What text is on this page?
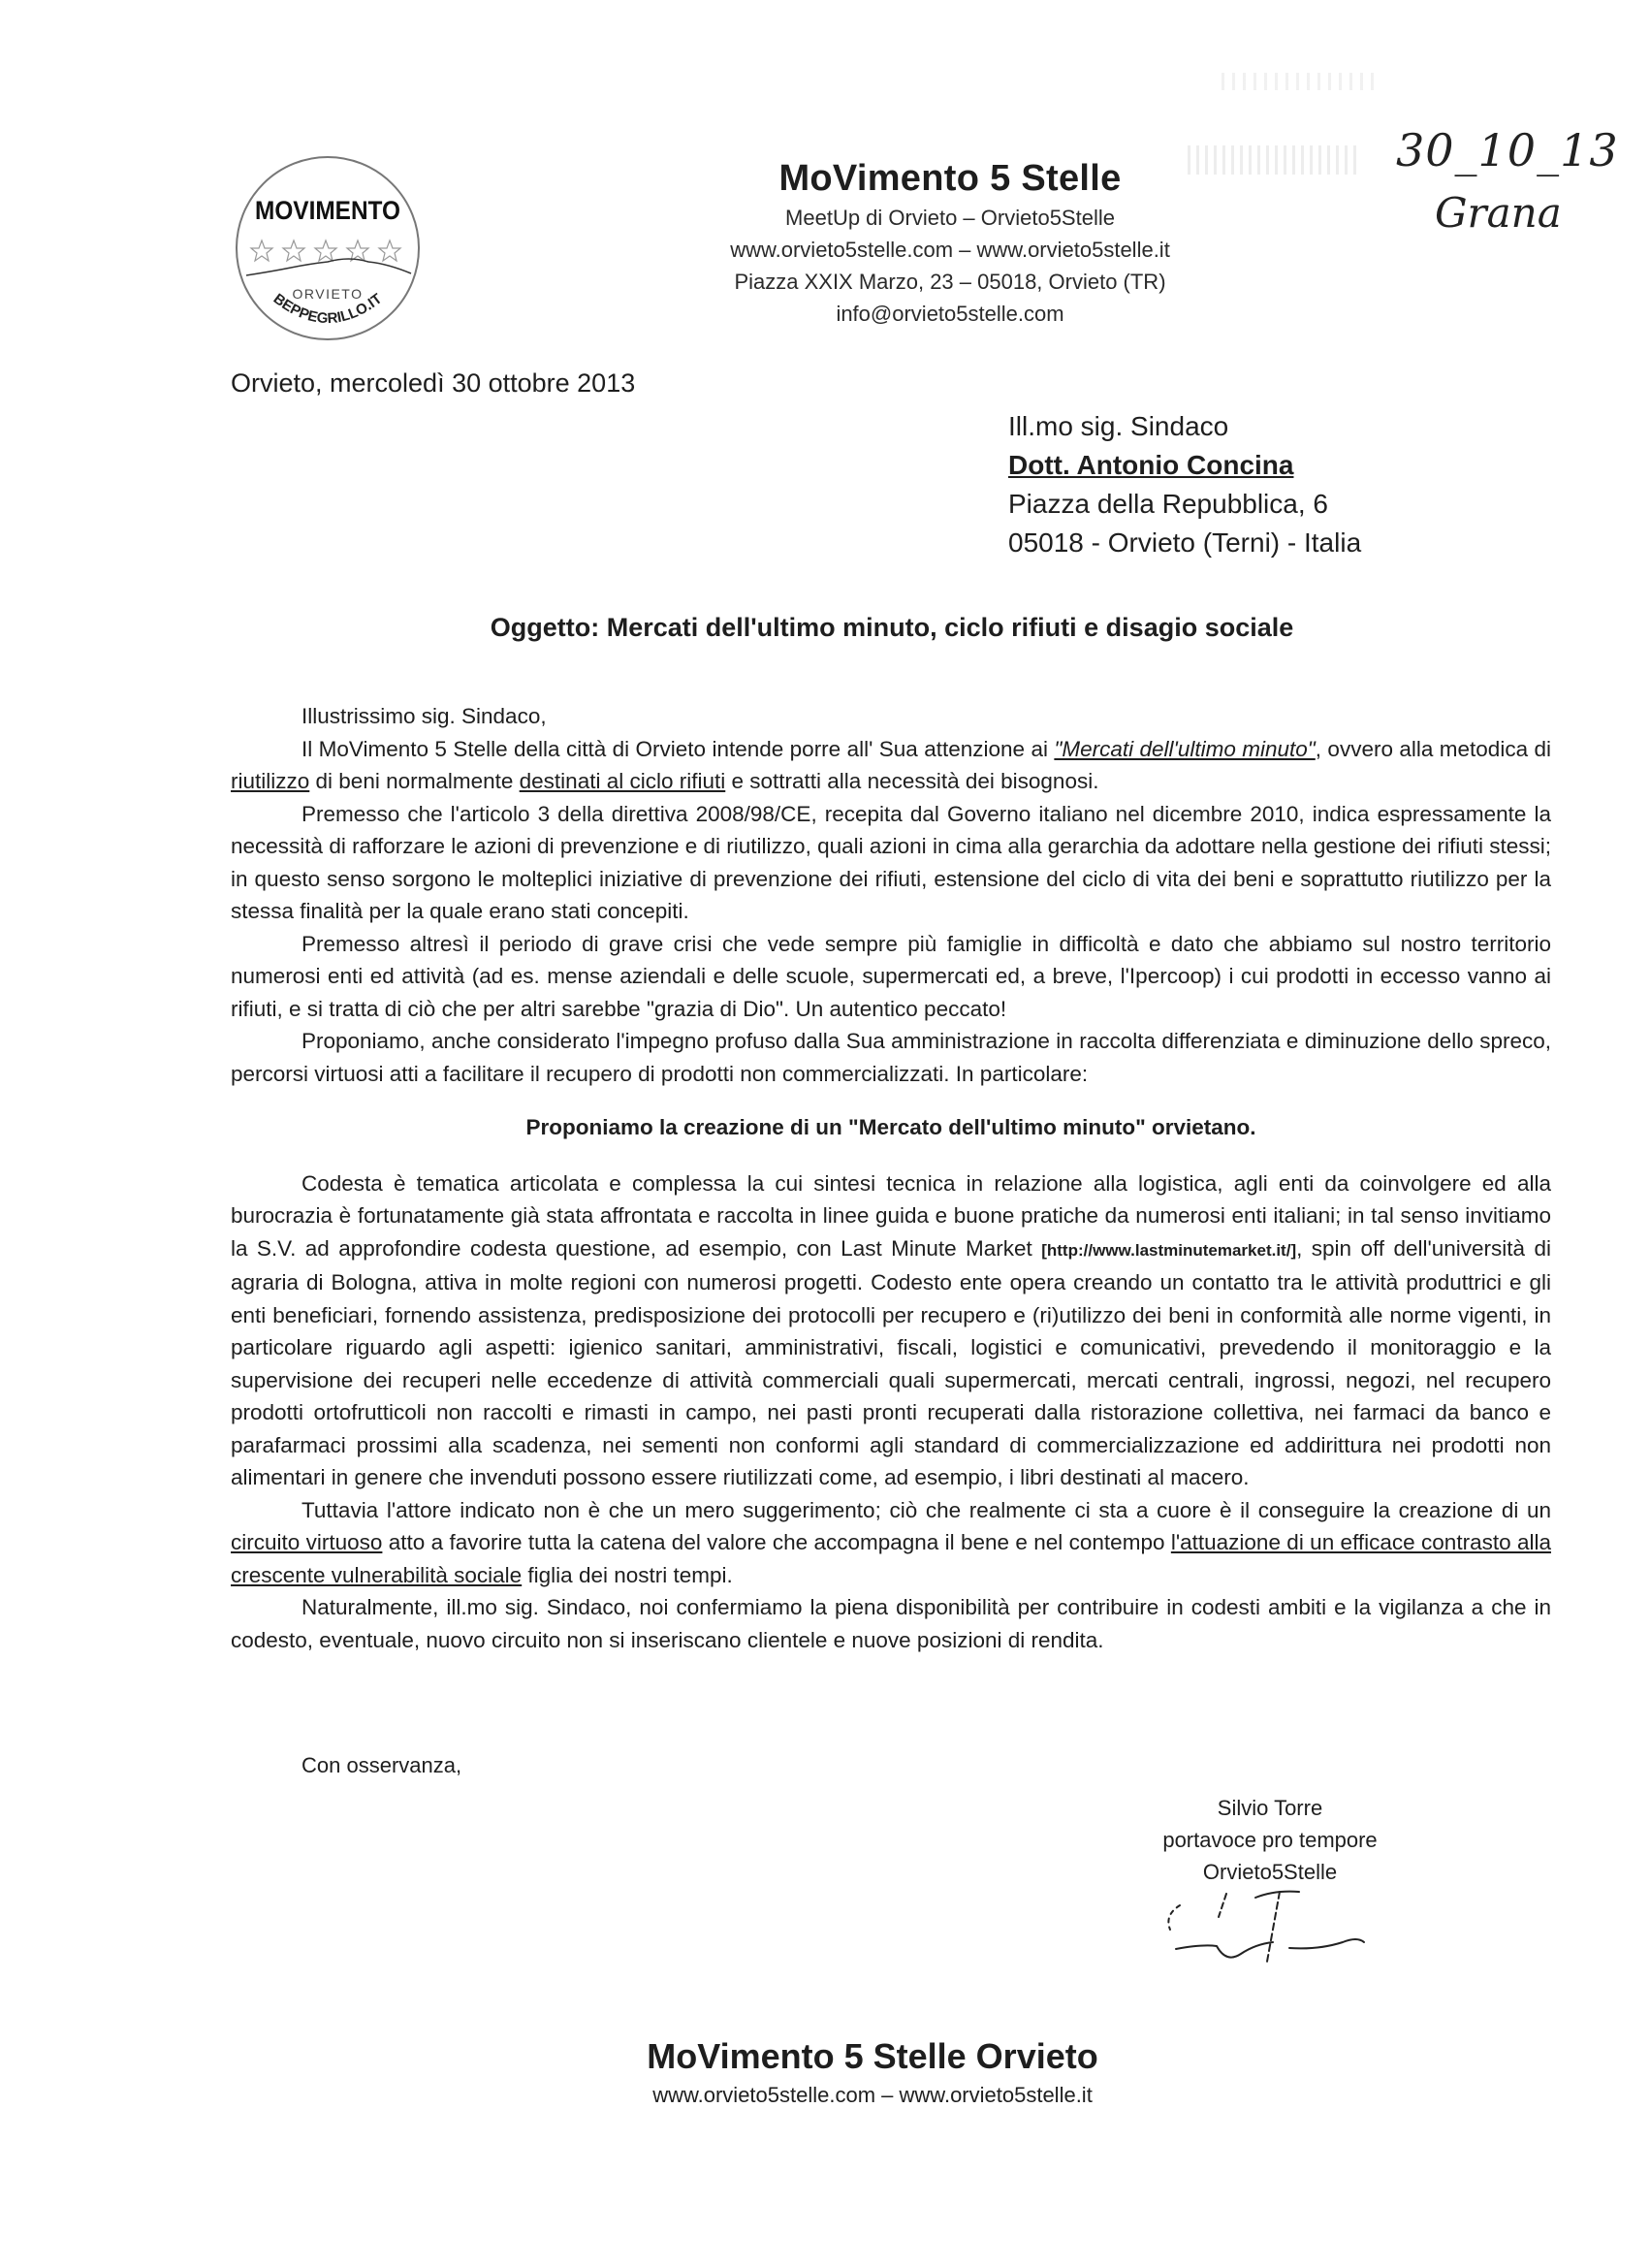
MOVIMENTO
ORVIETO
BEPPEGRILLO.IT
MoVimento 5 Stelle
MeetUp di Orvieto – Orvieto5Stelle
www.orvieto5stelle.com – www.orvieto5stelle.it
Piazza XXIX Marzo, 23 – 05018, Orvieto (TR)
info@orvieto5stelle.com
30_10_13
Grana
Orvieto, mercoledì 30 ottobre 2013
Ill.mo sig. Sindaco
Dott. Antonio Concina
Piazza della Repubblica, 6
05018 - Orvieto (Terni) - Italia
Oggetto: Mercati dell'ultimo minuto, ciclo rifiuti e disagio sociale

Illustrissimo sig. Sindaco,

Il MoVimento 5 Stelle della città di Orvieto intende porre all' Sua attenzione ai "Mercati dell'ultimo minuto", ovvero alla metodica di riutilizzo di beni normalmente destinati al ciclo rifiuti e sottratti alla necessità dei bisognosi.

Premesso che l'articolo 3 della direttiva 2008/98/CE, recepita dal Governo italiano nel dicembre 2010, indica espressamente la necessità di rafforzare le azioni di prevenzione e di riutilizzo, quali azioni in cima alla gerarchia da adottare nella gestione dei rifiuti stessi; in questo senso sorgono le molteplici iniziative di prevenzione dei rifiuti, estensione del ciclo di vita dei beni e soprattutto riutilizzo per la stessa finalità per la quale erano stati concepiti.

Premesso altresì il periodo di grave crisi che vede sempre più famiglie in difficoltà e dato che abbiamo sul nostro territorio numerosi enti ed attività (ad es. mense aziendali e delle scuole, supermercati ed, a breve, l'Ipercoop) i cui prodotti in eccesso vanno ai rifiuti, e si tratta di ciò che per altri sarebbe "grazia di Dio". Un autentico peccato!

Proponiamo, anche considerato l'impegno profuso dalla Sua amministrazione in raccolta differenziata e diminuzione dello spreco, percorsi virtuosi atti a facilitare il recupero di prodotti non commercializzati. In particolare:

Proponiamo la creazione di un "Mercato dell'ultimo minuto" orvietano.

Codesta è tematica articolata e complessa la cui sintesi tecnica in relazione alla logistica, agli enti da coinvolgere ed alla burocrazia è fortunatamente già stata affrontata e raccolta in linee guida e buone pratiche da numerosi enti italiani; in tal senso invitiamo la S.V. ad approfondire codesta questione, ad esempio, con Last Minute Market [http://www.lastminutemarket.it/], spin off dell'università di agraria di Bologna, attiva in molte regioni con numerosi progetti. Codesto ente opera creando un contatto tra le attività produttrici e gli enti beneficiari, fornendo assistenza, predisposizione dei protocolli per recupero e (ri)utilizzo dei beni in conformità alle norme vigenti, in particolare riguardo agli aspetti: igienico sanitari, amministrativi, fiscali, logistici e comunicativi, prevedendo il monitoraggio e la supervisione dei recuperi nelle eccedenze di attività commerciali quali supermercati, mercati centrali, ingrossi, negozi, nel recupero prodotti ortofrutticoli non raccolti e rimasti in campo, nei pasti pronti recuperati dalla ristorazione collettiva, nei farmaci da banco e parafarmaci prossimi alla scadenza, nei sementi non conformi agli standard di commercializzazione ed addirittura nei prodotti non alimentari in genere che invenduti possono essere riutilizzati come, ad esempio, i libri destinati al macero.

Tuttavia l'attore indicato non è che un mero suggerimento; ciò che realmente ci sta a cuore è il conseguire la creazione di un circuito virtuoso atto a favorire tutta la catena del valore che accompagna il bene e nel contempo l'attuazione di un efficace contrasto alla crescente vulnerabilità sociale figlia dei nostri tempi.

Naturalmente, ill.mo sig. Sindaco, noi confermiamo la piena disponibilità per contribuire in codesti ambiti e la vigilanza a che in codesto, eventuale, nuovo circuito non si inseriscano clientele e nuove posizioni di rendita.

Con osservanza,
Silvio Torre
portavoce pro tempore
Orvieto5Stelle
MoVimento 5 Stelle Orvieto
www.orvieto5stelle.com – www.orvieto5stelle.it
